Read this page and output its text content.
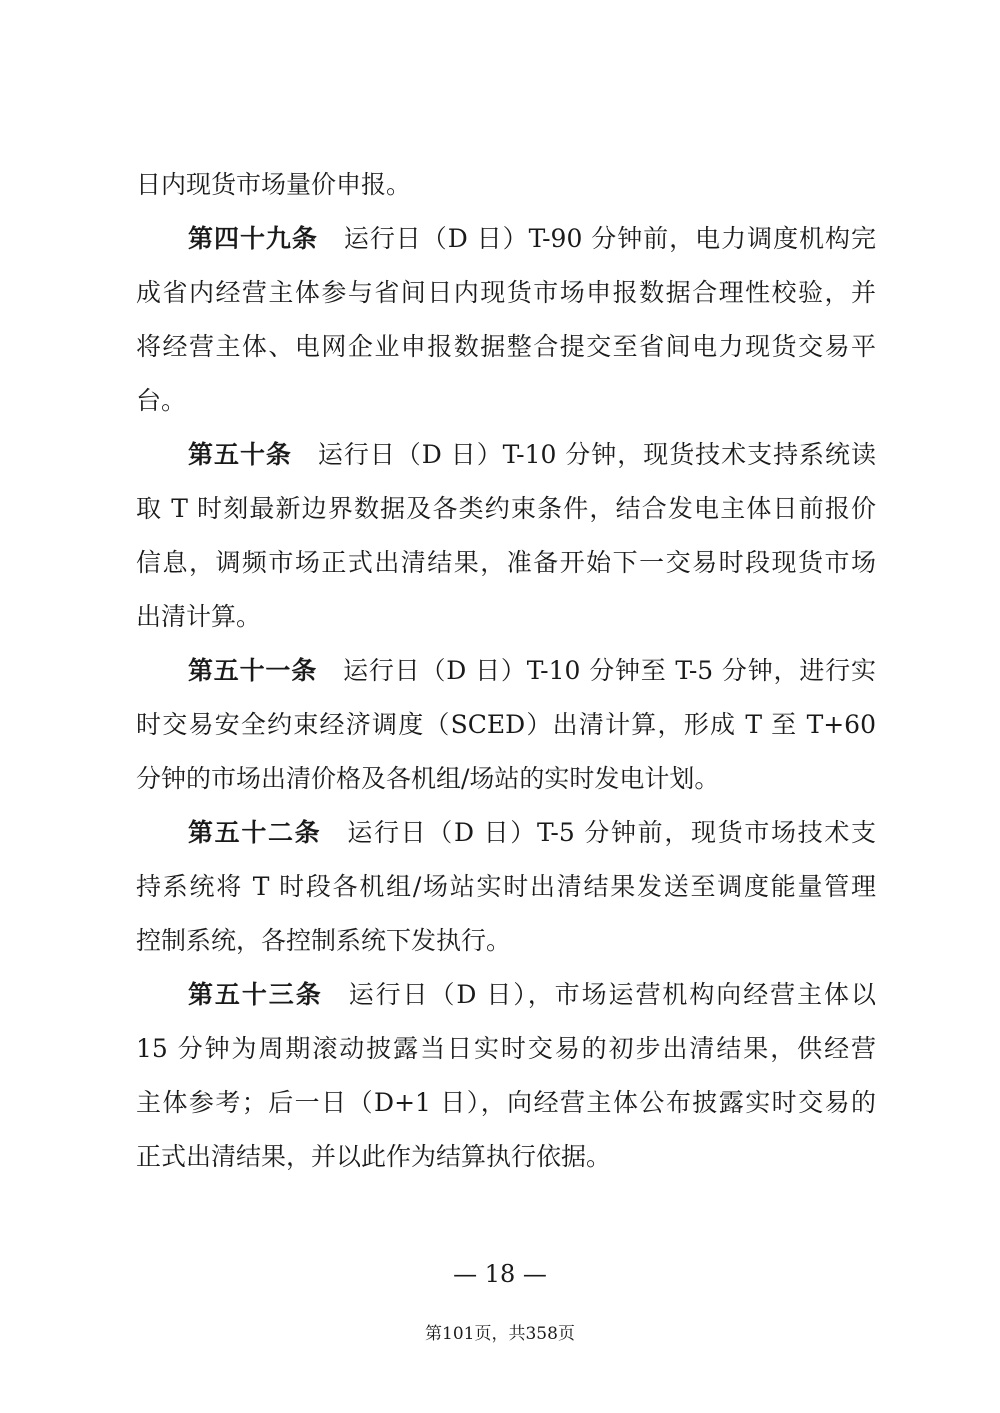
日内现货市场量价申报。
第四十九条 运行日（D 日）T-90 分钟前，电力调度机构完
成省内经营主体参与省间日内现货市场申报数据合理性校验，并
将经营主体、电网企业申报数据整合提交至省间电力现货交易平
台。
第五十条 运行日（D 日）T-10 分钟，现货技术支持系统读
取 T 时刻最新边界数据及各类约束条件，结合发电主体日前报价
信息，调频市场正式出清结果，准备开始下一交易时段现货市场
出清计算。
第五十一条 运行日（D 日）T-10 分钟至 T-5 分钟，进行实
时交易安全约束经济调度（SCED）出清计算，形成 T 至 T+60
分钟的市场出清价格及各机组/场站的实时发电计划。
第五十二条 运行日（D 日）T-5 分钟前，现货市场技术支
持系统将 T 时段各机组/场站实时出清结果发送至调度能量管理
控制系统，各控制系统下发执行。
第五十三条 运行日（D 日），市场运营机构向经营主体以
15 分钟为周期滚动披露当日实时交易的初步出清结果，供经营
主体参考；后一日（D+1 日），向经营主体公布披露实时交易的
正式出清结果，并以此作为结算执行依据。
— 18 —
第101页，共358页
